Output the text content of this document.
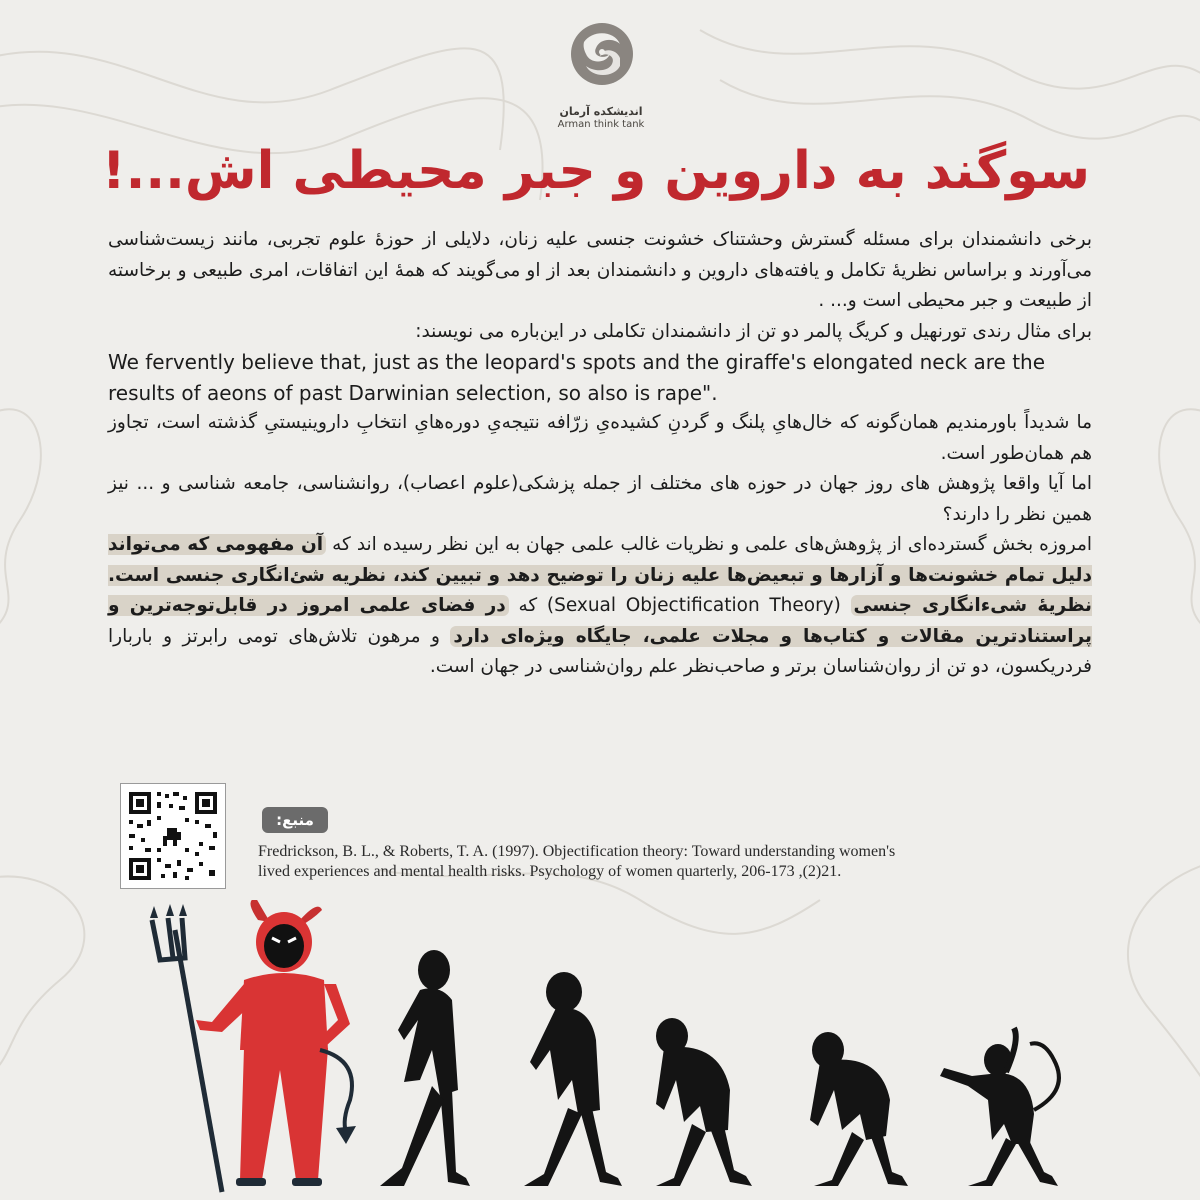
اندیشکده آرمان
Arman think tank
سوگند به داروین و جبر محیطی اش...!

برخی دانشمندان برای مسئله گسترش وحشتناک خشونت جنسی علیه زنان، دلایلی از حوزهٔ علوم تجربی، مانند زیست‌شناسی می‌آورند و براساس نظریهٔ تکامل و یافته‌های داروین و دانشمندان بعد از او می‌گویند که همهٔ این اتفاقات، امری طبیعی و برخاسته از طبیعت و جبر محیطی است و... .

برای مثال رندی تورنهیل و کریگ پالمر دو تن از دانشمندان تکاملی در این‌باره می نویسند:

We fervently believe that, just as the leopard's spots and the giraffe's elongated neck are the results of aeons of past Darwinian selection, so also is rape".

ما شدیداً باورمندیم همان‌گونه که خال‌هایِ پلنگ و گردنِ کشیده‌یِ زرّافه نتیجه‌یِ دوره‌هایِ انتخابِ داروینیستیِ گذشته است، تجاوز هم همان‌طور است.

اما آیا واقعا پژوهش های روز جهان در حوزه های مختلف از جمله پزشکی(علوم اعصاب)، روانشناسی، جامعه شناسی و ... نیز همین نظر را دارند؟

امروزه بخش گسترده‌ای از پژوهش‌های علمی و نظریات غالب علمی جهان به این نظر رسیده اند که آن مفهومی که می‌تواند دلیل تمام خشونت‌ها و آزارها و تبعیض‌ها علیه زنان را توضیح دهد و تبیین کند، نظریه شئ‌انگاری جنسی است. نظریهٔ شیء‌انگاری جنسی (Sexual Objectification Theory) که در فضای علمی امروز در قابل‌توجه‌ترین و پراستنادترین مقالات و کتاب‌ها و مجلات علمی، جایگاه ویژه‌ای دارد و مرهون تلاش‌های تومی رابرتز و باربارا فردریکسون، دو تن از روان‌شناسان برتر و صاحب‌نظر علم روان‌شناسی در جهان است.

منبع:
Fredrickson, B. L., & Roberts, T. A. (1997). Objectification theory: Toward understanding women's
lived experiences and mental health risks. Psychology of women quarterly, 206-173 ,(2)21.
